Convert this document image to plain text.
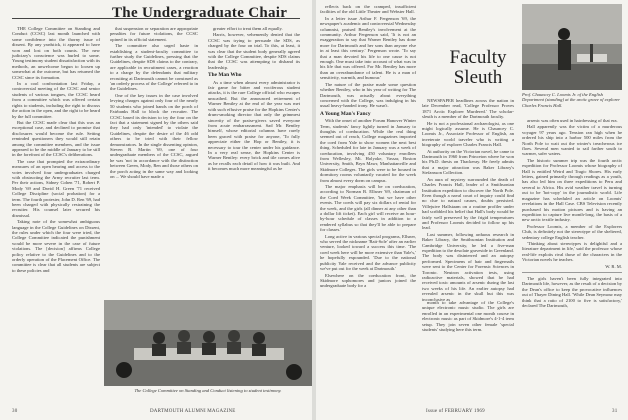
The Undergraduate Chair

THE College Committee on Standing and Conduct (CCSC) last month launched with some confidence into the thorny issue of dissent. By any yardstick, it appeared to have won and lost on both counts. The new judiciary's conscience was hurled to some. Young testimony student dissatisfaction with its methods, an unwelcome begun to loosen up somewhat at the outcome, but has returned the CCSC since its formation.

In a cool confrontation last Friday, a controversial meeting of the CCSC and senior students of various tongues, the CCSC heard from a committee which was offered certain rights to students, including the right to discuss the action in the open, and the right to be heard by the full committee.

But the CCSC made clear that this was an exceptional case, and declined to promise that disclosures would become the rule. Setting reminded questioners they would still retain among the committee members, and the issue appeared to be the middle of January to be still in the forefront of the CCSC's deliberations.

The case that prompted the extraordinary measures of an open hearing and access to the votes involved four undergraduates charged with obstructing the Army recruiter last term. Per their actions, Sidney Cohen '71, Robert P. Mody '69 and David H. Green '71 received College Discipline (social probation) for a term. The fourth protester, John D. Ren '69, had been charged with physically restraining the recruiter. His counsel later secured his dismissal.

Taking note of the somewhat ambiguous language in the College Guidelines on Dissent, the rules under which the four were tried, the College Committee indicated the punishment would be more severe in the case of future violations. The [decision] affirms College policy relative to the Guidelines and to the orderly operation of the Placement Office. The committee is clear that all students are subject to these policies and

that suspension or separation are appropriate penalties for future violations, the CCSC opined in its official statement.

The committee also urged haste in establishing a student-faculty committee to further study the Guidelines, pressing that the Guidelines, despite SDS claims to the contrary, are applicable in recruitment cases, a reaction to a charge by the defendants that military recruiting at Dartmouth cannot be construed as 'an orderly process of the College' referred to in the Guidelines.

One of the key issues in the case involved levying charges against only four of the nearly 50 students who joined hands on the porch of Fairbanks Hall to block the recruiter. The CCSC based its decision to try the four on the fact that a statement signed by the others said they had only 'intended' to violate the Guidelines, despite the desire of the 46 odd others to be tried with their fellow demonstrators. In the single dissenting opinion, Steven B. Martin '69, one of four undergraduate members of the CCSC, argued he was 'not in accordance with the distinction between Green, Mody, Ren and those others on the porch acting in the same way and looking on ... We should have made a

greater effort to treat them all equally.

Harris, however, vehemently denied that the CCSC was trying to persuade the SDS, as charged by the four on trial. To this, at least, it was clear that the student body generally agreed with the College Committee, despite SDS claims that the CCSC was attempting to disband its leadership.

The Man Who

As a time when almost every administrator is fair game for bitter and vociferous student attacks, it is the rare College official who escapes unscathed. But the announced retirement of Warner Bentley at the end of the year was met with such effusive praise for the Hopkins Center's drum-smoking director that only the grimmest sincerity of the praise-givers saved everyone from acute embarrassment. Sad Mr. Bentley himself, whose editorial columns have rarely been graced with praise for anyone, 'To fully appreciate either the Hop or Bentley, it is necessary to tour the center under his guidance. In a very real sense, the Hopkins Center is Warner Bentley: every brick and tile comes alive as he recalls each detail of how it was built. And it becomes much more meaningful as he

The College Committee on Standing and Conduct listening to student testimony.
30	DARTMOUTH ALUMNI MAGAZINE

reflects back on the cramped, insufficient facilities of the old Little Theater and Webster Hall.

In a letter issue Arthur F. Fergenson '69, the newspaper's academic and controversial Wednesday columnist, praised Bentley's involvement at the community. Arthur Fergenson said, 'It is not an exaggeration to say that Warner Bentley has done more for Dartmouth and her sons than anyone else in at least this century.' Fergenson wrote. 'To say that a man devoted his life to one cause is not enough. One must take into account of what was in his life that was offered. For Mr. Bentley has more than an overabundance of talent. He is a man of sensitivity, warmth, and humour.'

The nature of the praise made some question whether Bentley, who in his year of writing for The Dartmouth, was actually about everything concerned with the College, was indulging in his usual heavy-handed irony. He wasn't.

A Young Man's Fancy

With the onset of another Forum Hanover Winter Term, students' fancy lightly turned in January to thoughts of coeducation. While the real thing seemed out of reach, College magazines imported the coed from Yale to show women the next best thing. Scheduled for late in January was a week of coeducation, involving 450 voluntary enrollees from Wellesley, Mt. Holyoke, Vassar, Boston University, Smith, Bryn Mawr, Manhattanville and Skidmore Colleges. The girls were to be housed in dormitory rooms voluntarily vacated for the week from almost every dorm on campus.

The major emphasis will be on coeducation, according to Norman B. Ellsner '69, chairman of the Coed Week Committee, 'but we have other events. The coeds will pay six dollars of rental for the week, and the girls (all dinner at any other than a dollar lift ticket). Each girl will receive an hour-by-hour schedule of classes in addition to a rendered syllabus so that they'll be able to prepare for classes.'

Long active in various special programs, Ellsner, who served the nickname 'Bait-Sole' after an earlier venture, looked toward a success this time. 'The coed week here will be more extensive than Yale's,' he hopefully expounded. 'Due to the national publicity Yale received and the advance publicity we've put out for the week at Dartmouth.'

Elsewhere on the coeducation front, the Skidmore sophomores and juniors joined the undergraduate body for a

month to take advantage of the College's unique electronic music studio. The girls are enrolled in an experimental one month course in electronic music as part of Skidmore's 4-1-4 term setup. They join seven other female 'special students' studying here this term.

Faculty
Sleuth

NEWSPAPER headlines across the nation in late December read, 'College Professor Proves 1871 Arctic Explorer Murdered.' The scholar-sleuth is a member of the Dartmouth faculty.

He is not a professional archaeologist, as one might logically assume. He is Chauncey C. Loomis Jr., Associate Professor of English, an inveterate world traveler who is writing a biography of explorer Charles Francis Hall.

At authority on the Victorian novel, he came to Dartmouth in 1960 from Princeton where he won his Ph.D. thesis on Thackeray. He freely admits that a major attraction was Baker Library's Stefansson Collection.

An aura of mystery surrounded the death of Charles Francis Hall, leader of a Smithsonian Institution expedition to discover the North Pole. Even though a naval court of inquiry could find no clue to natural causes, doubts persisted. Villejuive Hallstaam on a routine profiler under had scribbled his belief that Hall's body would be fairly well preserved by the frigid temperatures and Professor Loomis decided to follow up his lead.

Last summer, following arduous research in Baker Library, the Smithsonian Institution and Cambridge University, he led a five-man expedition to the desolate graveside in Greenland. The body was disinterred and an autopsy performed. Specimens of hair and fingernails were sent to the Center for Forensic Sciences in Toronto. Neutron activation tests, using radioactive materials, showed that he had received toxic amounts of arsenic during the last two weeks of his life. An earlier autopsy had revealed arsenic in the skull but this was inconclusive as

Prof. Chauncey C. Loomis Jr. of the English Department (standing) at the arctic grave of explorer Charles Francis Hall.

arsenic was often used in hairdressing of that era.

Hall apparently was the victim of a murderous voyager 97 years ago. Tension ran high when he ordered his ship into a harbor 500 miles from the North Pole to wait out the winter's treacherous ice floes. Several men wanted to sail farther south to warmer, safer waters.

The historic summer trip was the fourth arctic expedition for Professor Loomis whose biography of Hall is entitled Weird and Tragic Shores. His early letters, gained primarily through readings as a youth, has also led him on three expeditions to Peru and several to Africa. His avid weather travel is turning out to be 'hot-copy' in the journalistic world. Life magazine has scheduled an article on Loomis' revelations in the Hall Case. CBS Television recently purchased his motion pictures and is having an expedition to capture live month-long, the basis of a new arctic textile industry.

Professor Loomis, a member of the Explorers Club, is definitely not the stereotype of the sheltered, sedentary college English teacher.

'Thinking about stereotypes is delightful and a literature department in life,' said the professor whose real-life exploits rival those of the characters in the Victorian novels he teaches.

W. R. M.

The girls haven't been fully integrated into Dartmouth life, however, as the result of a decision by the Dean's office to keep the provocative influences out of Thayer Dining Hall. 'While Dean Seymour may think that a ratio of 2100 to five is satisfactory,' declared The Dartmouth,

Issue of FEBRUARY 1969	31
